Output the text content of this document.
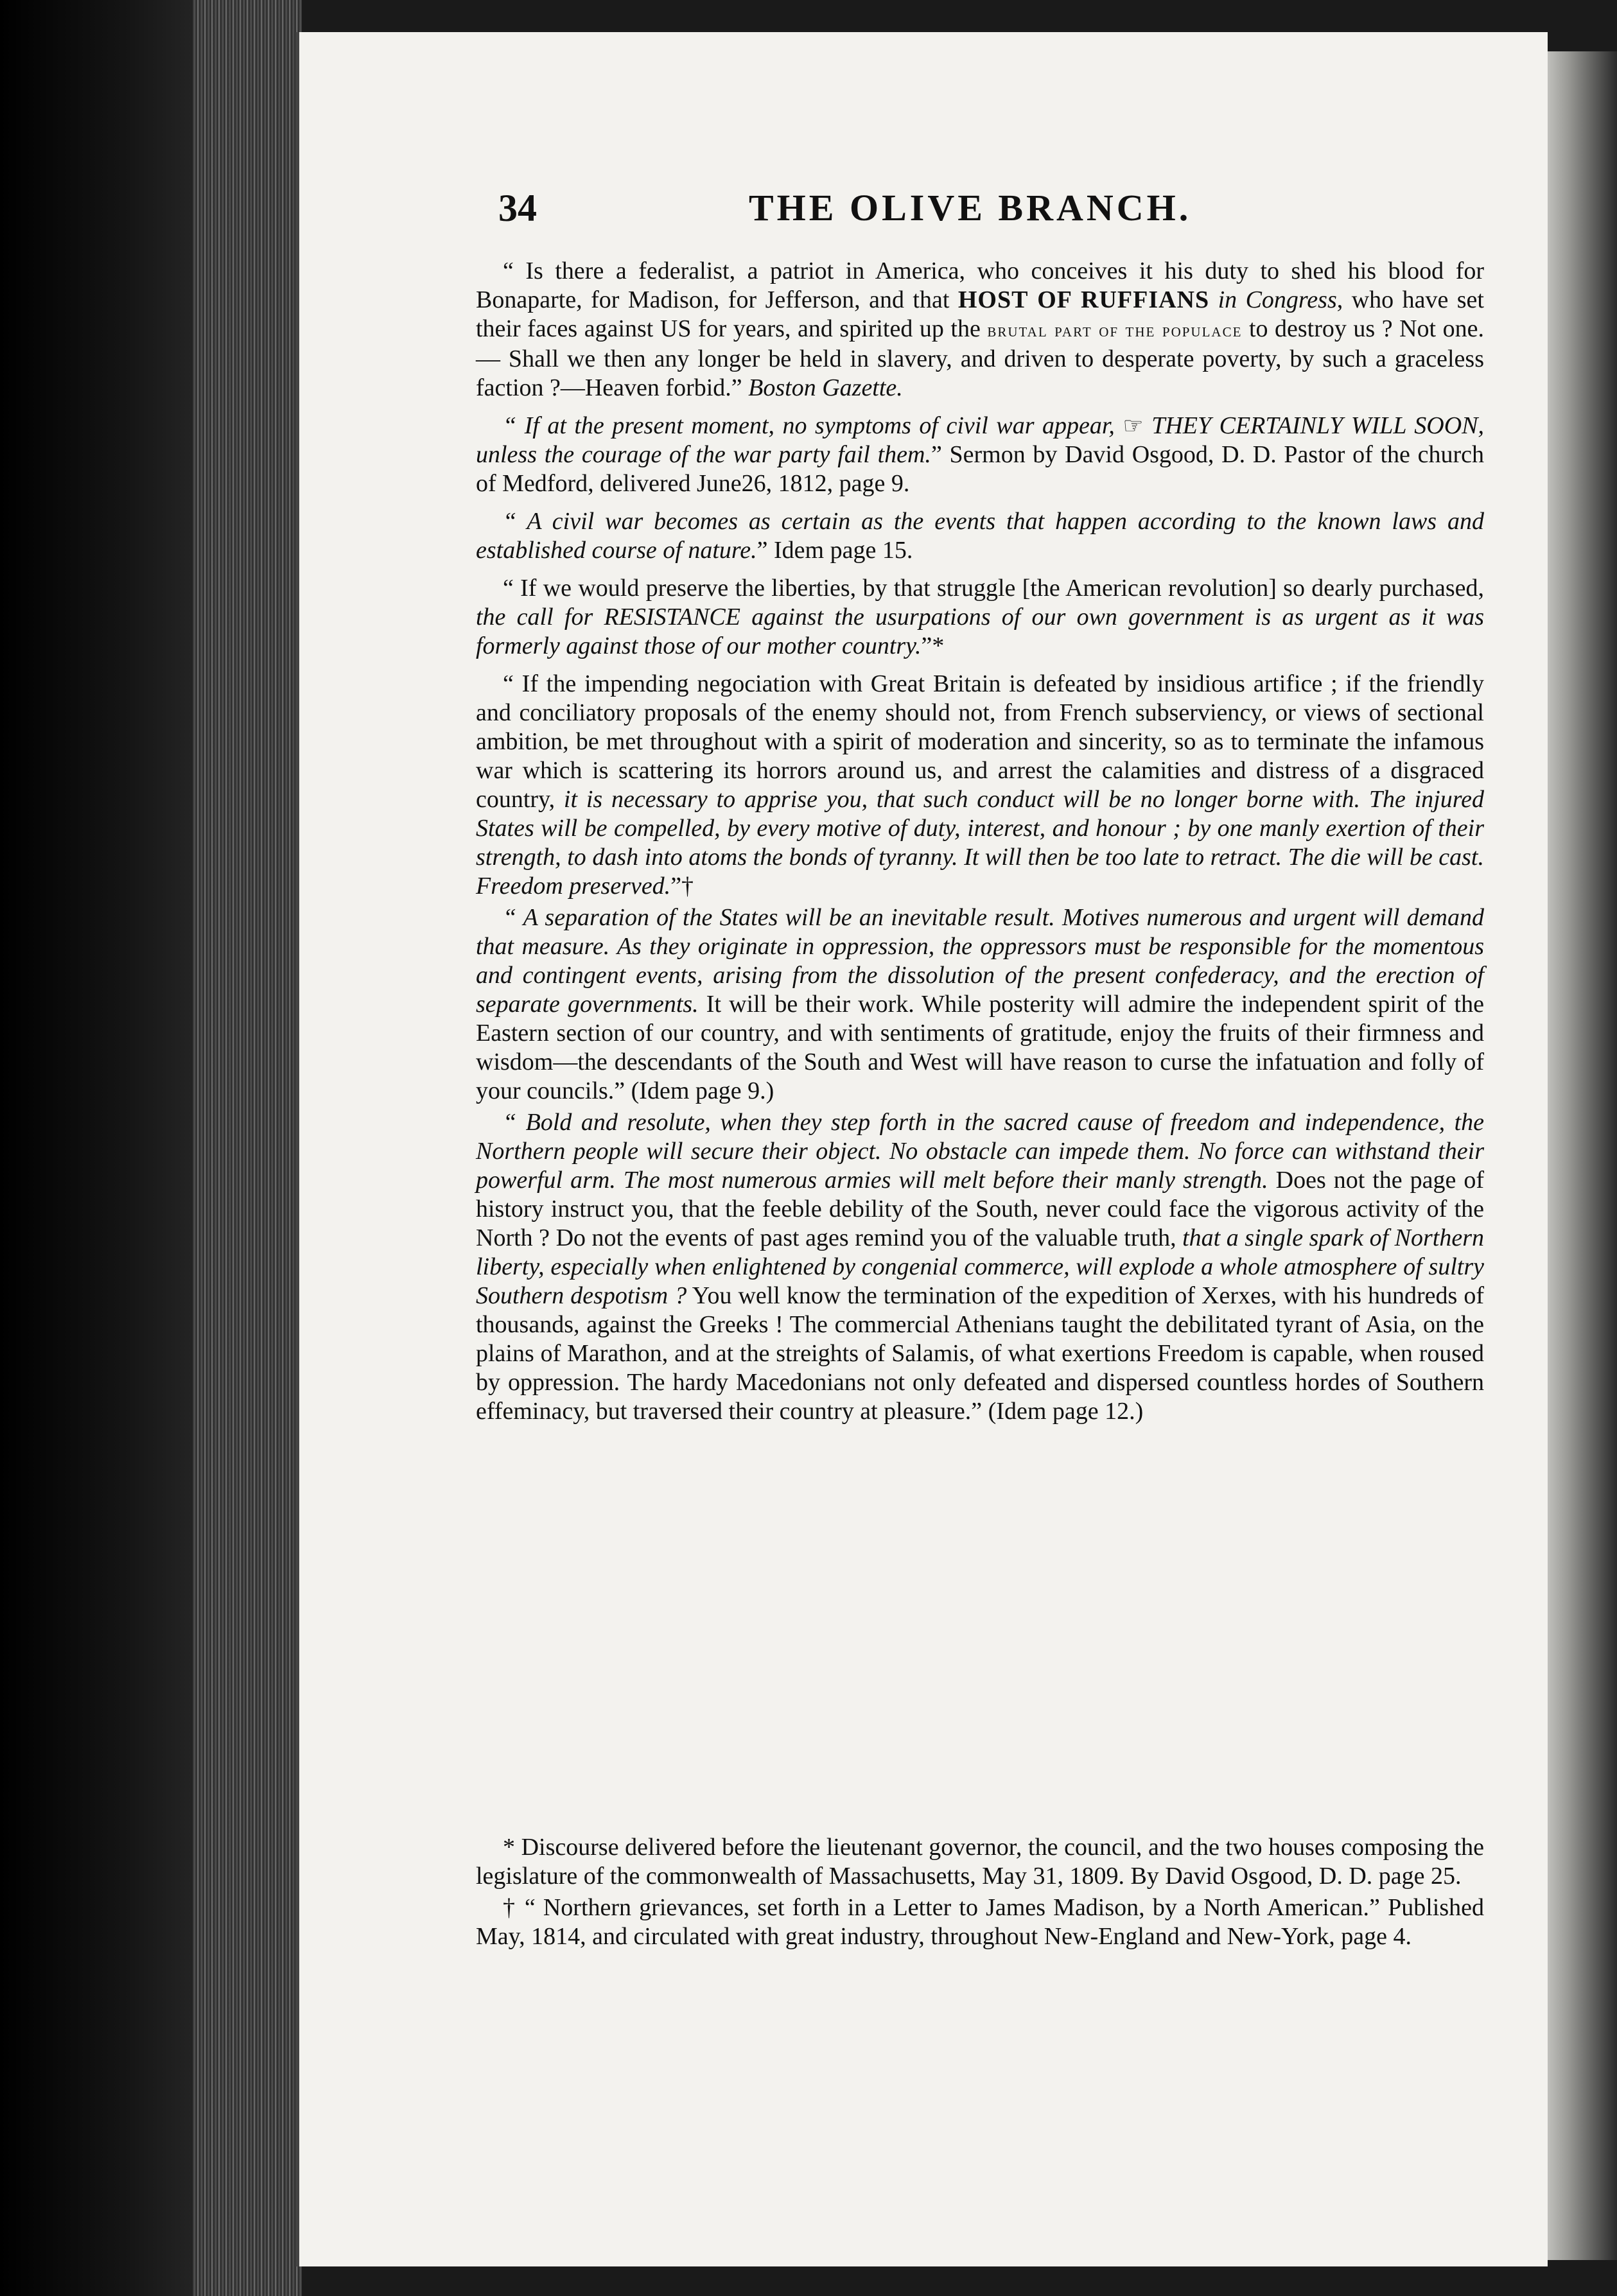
34	THE OLIVE BRANCH.

“ Is there a federalist, a patriot in America, who conceives it his duty to shed his blood for Bonaparte, for Madison, for Jefferson, and that HOST OF RUFFIANS in Congress, who have set their faces against US for years, and spirited up the brutal part of the populace to destroy us ? Not one.— Shall we then any longer be held in slavery, and driven to desperate poverty, by such a graceless faction ?—Heaven forbid.” Boston Gazette.

“ If at the present moment, no symptoms of civil war appear, ☞ THEY CERTAINLY WILL SOON, unless the courage of the war party fail them.” Sermon by David Osgood, D. D. Pastor of the church of Medford, delivered June26, 1812, page 9.

“ A civil war becomes as certain as the events that happen according to the known laws and established course of nature.” Idem page 15.

“ If we would preserve the liberties, by that struggle [the American revolution] so dearly purchased, the call for RESISTANCE against the usurpations of our own government is as urgent as it was formerly against those of our mother country.”*

“ If the impending negociation with Great Britain is defeated by insidious artifice ; if the friendly and conciliatory proposals of the enemy should not, from French subserviency, or views of sectional ambition, be met throughout with a spirit of moderation and sincerity, so as to terminate the infamous war which is scattering its horrors around us, and arrest the calamities and distress of a disgraced country, it is necessary to apprise you, that such conduct will be no longer borne with. The injured States will be compelled, by every motive of duty, interest, and honour ; by one manly exertion of their strength, to dash into atoms the bonds of tyranny. It will then be too late to retract. The die will be cast. Freedom preserved.”†

“ A separation of the States will be an inevitable result. Motives numerous and urgent will demand that measure. As they originate in oppression, the oppressors must be responsible for the momentous and contingent events, arising from the dissolution of the present confederacy, and the erection of separate governments. It will be their work. While posterity will admire the independent spirit of the Eastern section of our country, and with sentiments of gratitude, enjoy the fruits of their firmness and wisdom—the descendants of the South and West will have reason to curse the infatuation and folly of your councils.” (Idem page 9.)

“ Bold and resolute, when they step forth in the sacred cause of freedom and independence, the Northern people will secure their object. No obstacle can impede them. No force can withstand their powerful arm. The most numerous armies will melt before their manly strength. Does not the page of history instruct you, that the feeble debility of the South, never could face the vigorous activity of the North ? Do not the events of past ages remind you of the valuable truth, that a single spark of Northern liberty, especially when enlightened by congenial commerce, will explode a whole atmosphere of sultry Southern despotism ? You well know the termination of the expedition of Xerxes, with his hundreds of thousands, against the Greeks ! The commercial Athenians taught the debilitated tyrant of Asia, on the plains of Marathon, and at the streights of Salamis, of what exertions Freedom is capable, when roused by oppression. The hardy Macedonians not only defeated and dispersed countless hordes of Southern effeminacy, but traversed their country at pleasure.” (Idem page 12.)

* Discourse delivered before the lieutenant governor, the council, and the two houses composing the legislature of the commonwealth of Massachusetts, May 31, 1809. By David Osgood, D. D. page 25.

† “ Northern grievances, set forth in a Letter to James Madison, by a North American.” Published May, 1814, and circulated with great industry, throughout New-England and New-York, page 4.
